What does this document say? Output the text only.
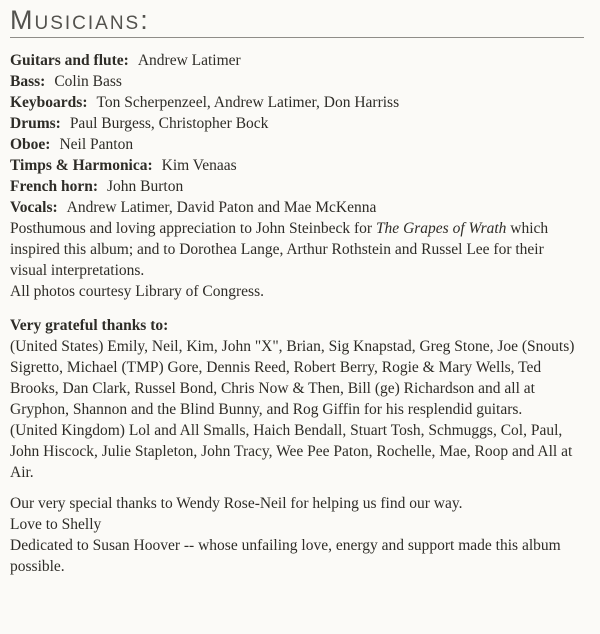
Musicians:
Guitars and flute: Andrew Latimer
Bass: Colin Bass
Keyboards: Ton Scherpenzeel, Andrew Latimer, Don Harriss
Drums: Paul Burgess, Christopher Bock
Oboe: Neil Panton
Timps & Harmonica: Kim Venaas
French horn: John Burton
Vocals: Andrew Latimer, David Paton and Mae McKenna

Posthumous and loving appreciation to John Steinbeck for The Grapes of Wrath which inspired this album; and to Dorothea Lange, Arthur Rothstein and Russel Lee for their visual interpretations.

All photos courtesy Library of Congress.

Very grateful thanks to:

(United States) Emily, Neil, Kim, John "X", Brian, Sig Knapstad, Greg Stone, Joe (Snouts) Sigretto, Michael (TMP) Gore, Dennis Reed, Robert Berry, Rogie & Mary Wells, Ted Brooks, Dan Clark, Russel Bond, Chris Now & Then, Bill (ge) Richardson and all at Gryphon, Shannon and the Blind Bunny, and Rog Giffin for his resplendid guitars.

(United Kingdom) Lol and All Smalls, Haich Bendall, Stuart Tosh, Schmuggs, Col, Paul, John Hiscock, Julie Stapleton, John Tracy, Wee Pee Paton, Rochelle, Mae, Roop and All at Air.

Our very special thanks to Wendy Rose-Neil for helping us find our way.

Love to Shelly

Dedicated to Susan Hoover -- whose unfailing love, energy and support made this album possible.
